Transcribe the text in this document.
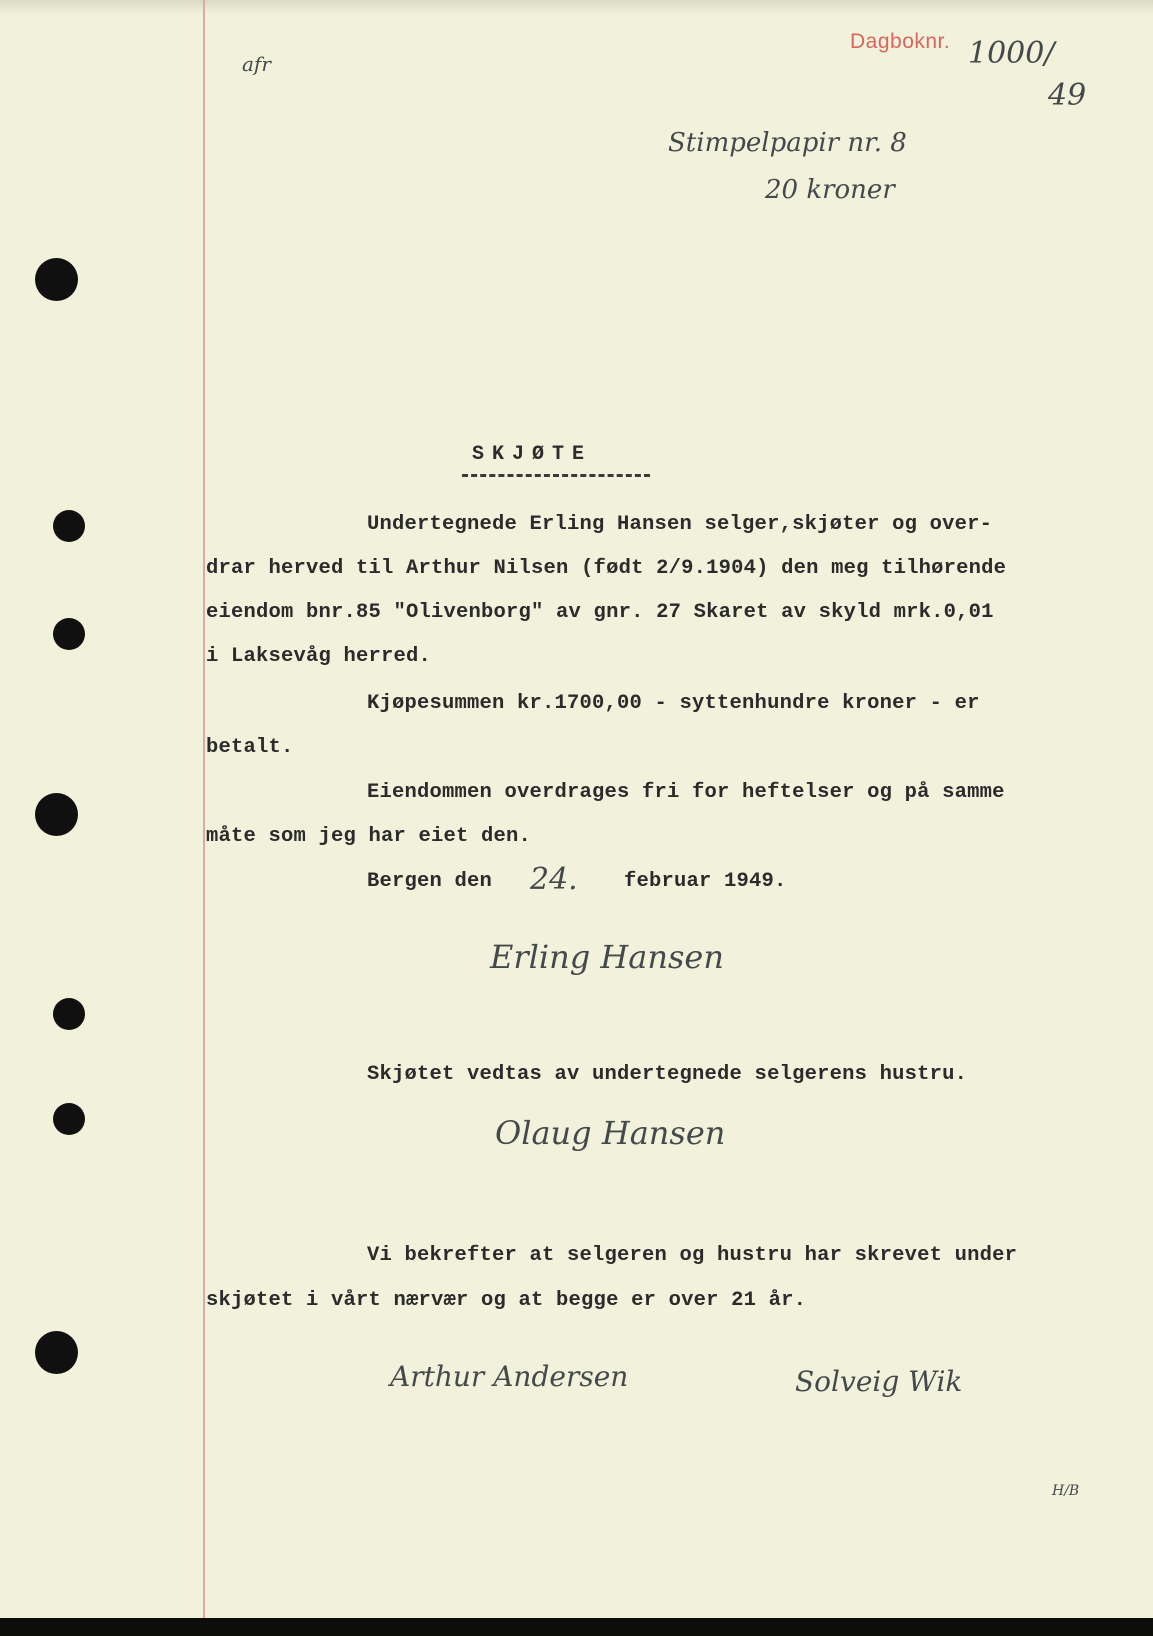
afr
Dagboknr. 1000/
49
Stimpelpapir nr. 8
20 kroner
SKJØTE
Undertegnede Erling Hansen selger,skjøter og over-
drar herved til Arthur Nilsen (født 2/9.1904) den meg tilhørende
eiendom bnr.85 "Olivenborg" av gnr. 27 Skaret av skyld mrk.0,01
i Laksevåg herred.
Kjøpesummen kr.1700,00 - syttenhundre kroner - er
betalt.
Eiendommen overdrages fri for heftelser og på samme
måte som jeg har eiet den.
Bergen den 24. februar 1949.
Erling Hansen
Skjøtet vedtas av undertegnede selgerens hustru.
Olaug Hansen
Vi bekrefter at selgeren og hustru har skrevet under
skjøtet i vårt nærvær og at begge er over 21 år.
Arthur Andersen	Solveig Wik
H/B
